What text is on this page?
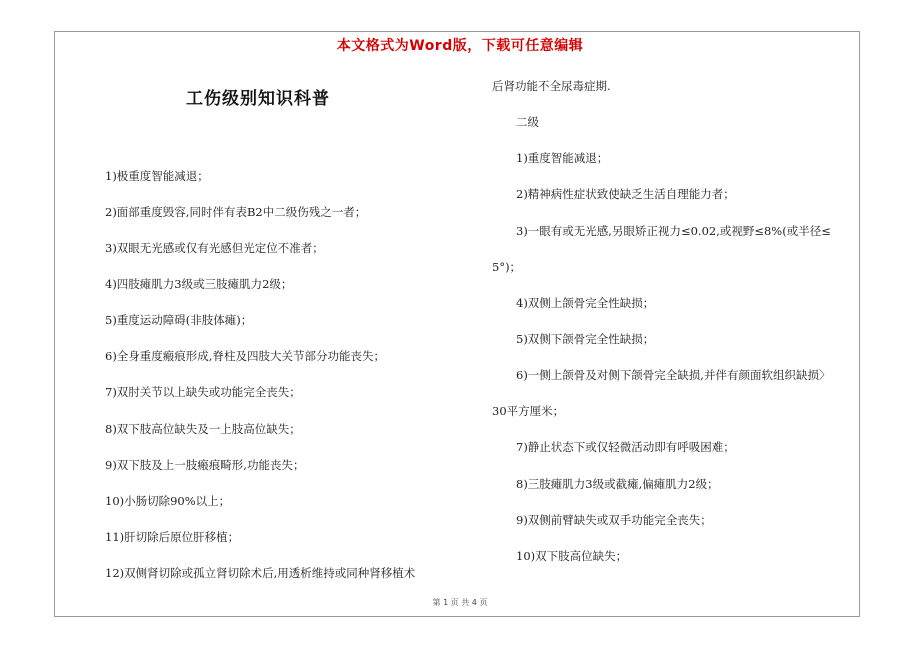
本文格式为Word版，下载可任意编辑
工伤级别知识科普
1)极重度智能减退；
2)面部重度毁容,同时伴有表B2中二级伤残之一者；
3)双眼无光感或仅有光感但光定位不准者；
4)四肢瘫肌力3级或三肢瘫肌力2级；
5)重度运动障碍(非肢体瘫)；
6)全身重度瘢痕形成,脊柱及四肢大关节部分功能丧失；
7)双肘关节以上缺失或功能完全丧失；
8)双下肢高位缺失及一上肢高位缺失；
9)双下肢及上一肢瘢痕畸形,功能丧失；
10)小肠切除90%以上；
11)肝切除后原位肝移植；
12)双侧肾切除或孤立肾切除术后,用透析维持或同种肾移植术
后肾功能不全尿毒症期.
二级
1)重度智能减退；
2)精神病性症状致使缺乏生活自理能力者；
3)一眼有或无光感,另眼矫正视力≤0.02,或视野≤8%(或半径≤
5°)；
4)双侧上颌骨完全性缺损；
5)双侧下颌骨完全性缺损；
6)一侧上颌骨及对侧下颌骨完全缺损,并伴有颜面软组织缺损〉
30平方厘米；
7)静止状态下或仅轻微活动即有呼吸困难；
8)三肢瘫肌力3级或截瘫,偏瘫肌力2级；
9)双侧前臂缺失或双手功能完全丧失；
10)双下肢高位缺失；
第 1 页 共 4 页
